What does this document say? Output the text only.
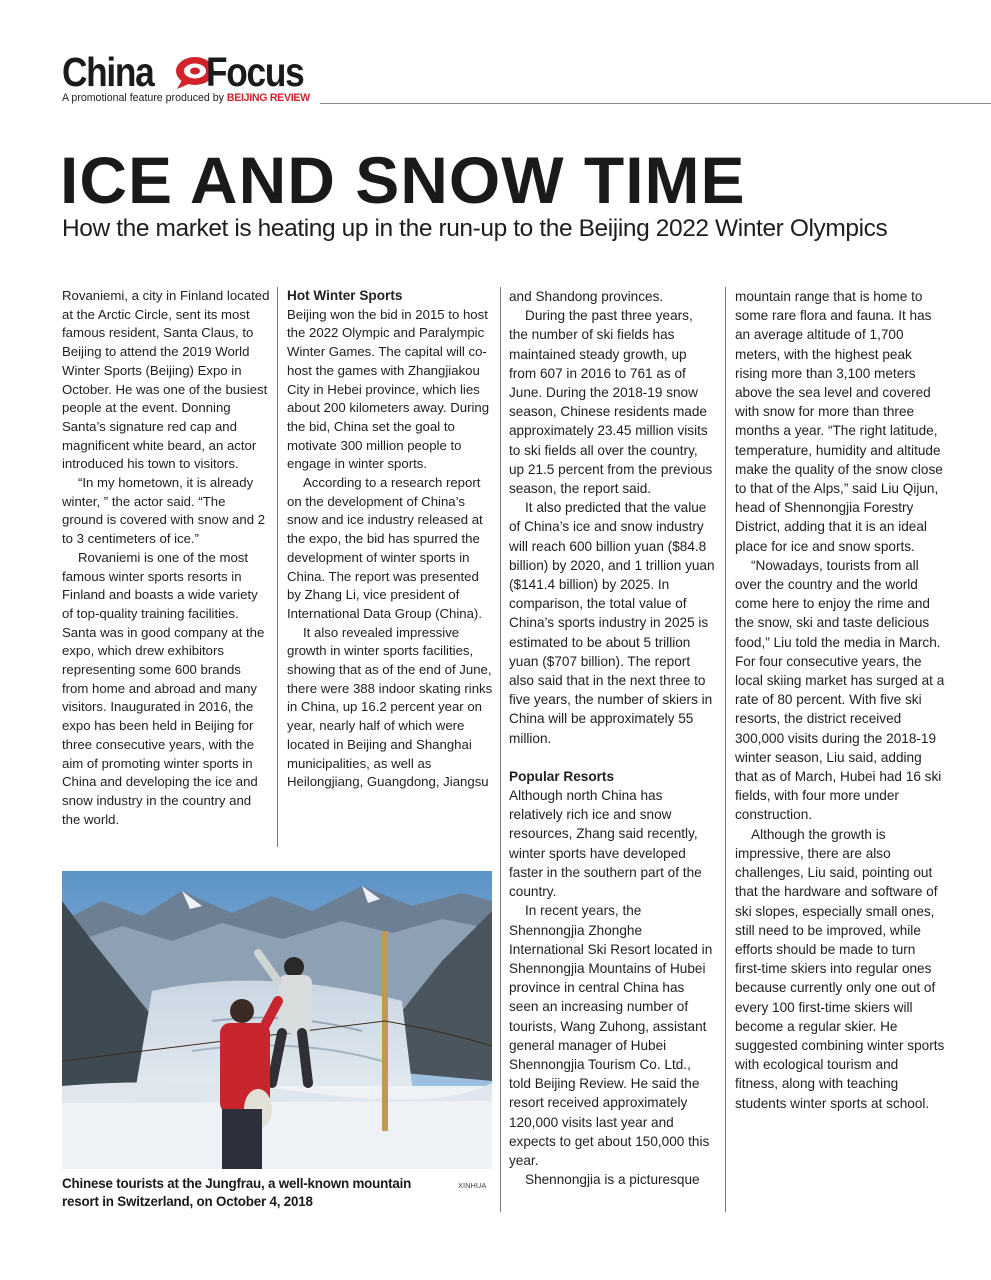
China Focus
A promotional feature produced by BEIJING REVIEW
ICE AND SNOW TIME
How the market is heating up in the run-up to the Beijing 2022 Winter Olympics

Rovaniemi, a city in Finland located at the Arctic Circle, sent its most famous resident, Santa Claus, to Beijing to attend the 2019 World Winter Sports (Beijing) Expo in October. He was one of the busiest people at the event. Donning Santa’s signature red cap and magnificent white beard, an actor introduced his town to visitors.

“In my hometown, it is already winter, ” the actor said. “The ground is covered with snow and 2 to 3 centimeters of ice.”

Rovaniemi is one of the most famous winter sports resorts in Finland and boasts a wide variety of top-quality training facilities. Santa was in good company at the expo, which drew exhibitors representing some 600 brands from home and abroad and many visitors. Inaugurated in 2016, the expo has been held in Beijing for three consecutive years, with the aim of promoting winter sports in China and developing the ice and snow industry in the country and the world.

Hot Winter Sports

Beijing won the bid in 2015 to host the 2022 Olympic and Paralympic Winter Games. The capital will co-host the games with Zhangjiakou City in Hebei province, which lies about 200 kilometers away. During the bid, China set the goal to motivate 300 million people to engage in winter sports.

According to a research report on the development of China’s snow and ice industry released at the expo, the bid has spurred the development of winter sports in China. The report was presented by Zhang Li, vice president of International Data Group (China).

It also revealed impressive growth in winter sports facilities, showing that as of the end of June, there were 388 indoor skating rinks in China, up 16.2 percent year on year, nearly half of which were located in Beijing and Shanghai municipalities, as well as Heilongjiang, Guangdong, Jiangsu

and Shandong provinces.

During the past three years, the number of ski fields has maintained steady growth, up from 607 in 2016 to 761 as of June. During the 2018-19 snow season, Chinese residents made approximately 23.45 million visits to ski fields all over the country, up 21.5 percent from the previous season, the report said.

It also predicted that the value of China’s ice and snow industry will reach 600 billion yuan ($84.8 billion) by 2020, and 1 trillion yuan ($141.4 billion) by 2025. In comparison, the total value of China’s sports industry in 2025 is estimated to be about 5 trillion yuan ($707 billion). The report also said that in the next three to five years, the number of skiers in China will be approximately 55 million.

Popular Resorts

Although north China has relatively rich ice and snow resources, Zhang said recently, winter sports have developed faster in the southern part of the country.

In recent years, the Shennongjia Zhonghe International Ski Resort located in Shennongjia Mountains of Hubei province in central China has seen an increasing number of tourists, Wang Zuhong, assistant general manager of Hubei Shennongjia Tourism Co. Ltd., told Beijing Review. He said the resort received approximately 120,000 visits last year and expects to get about 150,000 this year.

Shennongjia is a picturesque

mountain range that is home to some rare flora and fauna. It has an average altitude of 1,700 meters, with the highest peak rising more than 3,100 meters above the sea level and covered with snow for more than three months a year. “The right latitude, temperature, humidity and altitude make the quality of the snow close to that of the Alps,” said Liu Qijun, head of Shennongjia Forestry District, adding that it is an ideal place for ice and snow sports.

“Nowadays, tourists from all over the country and the world come here to enjoy the rime and the snow, ski and taste delicious food,” Liu told the media in March. For four consecutive years, the local skiing market has surged at a rate of 80 percent. With five ski resorts, the district received 300,000 visits during the 2018-19 winter season, Liu said, adding that as of March, Hubei had 16 ski fields, with four more under construction.

Although the growth is impressive, there are also challenges, Liu said, pointing out that the hardware and software of ski slopes, especially small ones, still need to be improved, while efforts should be made to turn first-time skiers into regular ones because currently only one out of every 100 first-time skiers will become a regular skier. He suggested combining winter sports with ecological tourism and fitness, along with teaching students winter sports at school.

Chinese tourists at the Jungfrau, a well-known mountain resort in Switzerland, on October 4, 2018
XINHUA
